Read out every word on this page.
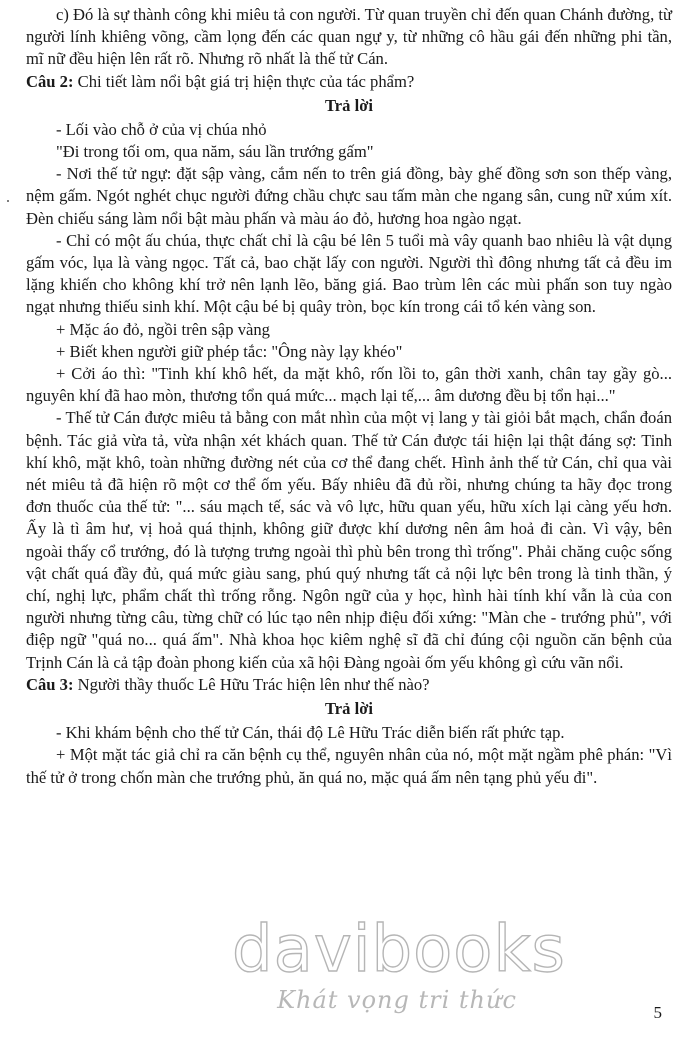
c) Đó là sự thành công khi miêu tả con người. Từ quan truyền chỉ đến quan Chánh đường, từ người lính khiêng võng, cầm lọng đến các quan ngự y, từ những cô hầu gái đến những phi tần, mĩ nữ đều hiện lên rất rõ. Nhưng rõ nhất là thế tử Cán.

Câu 2: Chi tiết làm nổi bật giá trị hiện thực của tác phẩm?

Trả lời

- Lối vào chỗ ở của vị chúa nhỏ

"Đi trong tối om, qua năm, sáu lần trướng gấm"

- Nơi thế tử ngự: đặt sập vàng, cắm nến to trên giá đồng, bày ghế đồng sơn son thếp vàng, nệm gấm. Ngót nghét chục người đứng chầu chực sau tấm màn che ngang sân, cung nữ xúm xít. Đèn chiếu sáng làm nổi bật màu phấn và màu áo đỏ, hương hoa ngào ngạt.

- Chỉ có một ấu chúa, thực chất chỉ là cậu bé lên 5 tuổi mà vây quanh bao nhiêu là vật dụng gấm vóc, lụa là vàng ngọc. Tất cả, bao chặt lấy con người. Người thì đông nhưng tất cả đều im lặng khiến cho không khí trở nên lạnh lẽo, băng giá. Bao trùm lên các mùi phấn son tuy ngào ngạt nhưng thiếu sinh khí. Một cậu bé bị quây tròn, bọc kín trong cái tổ kén vàng son.

+ Mặc áo đỏ, ngồi trên sập vàng

+ Biết khen người giữ phép tắc: "Ông này lạy khéo"

+ Cởi áo thì: "Tinh khí khô hết, da mặt khô, rốn lồi to, gân thời xanh, chân tay gầy gò... nguyên khí đã hao mòn, thương tổn quá mức... mạch lại tế,... âm dương đều bị tổn hại..."

- Thế tử Cán được miêu tả bằng con mắt nhìn của một vị lang y tài giỏi bắt mạch, chẩn đoán bệnh. Tác giả vừa tả, vừa nhận xét khách quan. Thế tử Cán được tái hiện lại thật đáng sợ: Tinh khí khô, mặt khô, toàn những đường nét của cơ thể đang chết. Hình ảnh thế tử Cán, chỉ qua vài nét miêu tả đã hiện rõ một cơ thể ốm yếu. Bấy nhiêu đã đủ rồi, nhưng chúng ta hãy đọc trong đơn thuốc của thế tử: "... sáu mạch tế, sác và vô lực, hữu quan yếu, hữu xích lại càng yếu hơn. Ấy là tì âm hư, vị hoả quá thịnh, không giữ được khí dương nên âm hoả đi càn. Vì vậy, bên ngoài thấy cổ trướng, đó là tượng trưng ngoài thì phù bên trong thì trống". Phải chăng cuộc sống vật chất quá đầy đủ, quá mức giàu sang, phú quý nhưng tất cả nội lực bên trong là tinh thần, ý chí, nghị lực, phẩm chất thì trống rỗng. Ngôn ngữ của y học, hình hài tính khí vẫn là của con người nhưng từng câu, từng chữ có lúc tạo nên nhịp điệu đối xứng: "Màn che - trướng phủ", với điệp ngữ "quá no... quá ấm". Nhà khoa học kiêm nghệ sĩ đã chỉ đúng cội nguồn căn bệnh của Trịnh Cán là cả tập đoàn phong kiến của xã hội Đàng ngoài ốm yếu không gì cứu vãn nổi.

Câu 3: Người thầy thuốc Lê Hữu Trác hiện lên như thế nào?

Trả lời

- Khi khám bệnh cho thế tử Cán, thái độ Lê Hữu Trác diễn biến rất phức tạp.

+ Một mặt tác giả chỉ ra căn bệnh cụ thể, nguyên nhân của nó, một mặt ngầm phê phán: "Vì thế tử ở trong chốn màn che trướng phủ, ăn quá no, mặc quá ấm nên tạng phủ yếu đi".

davibooks
Khát vọng tri thức	5
